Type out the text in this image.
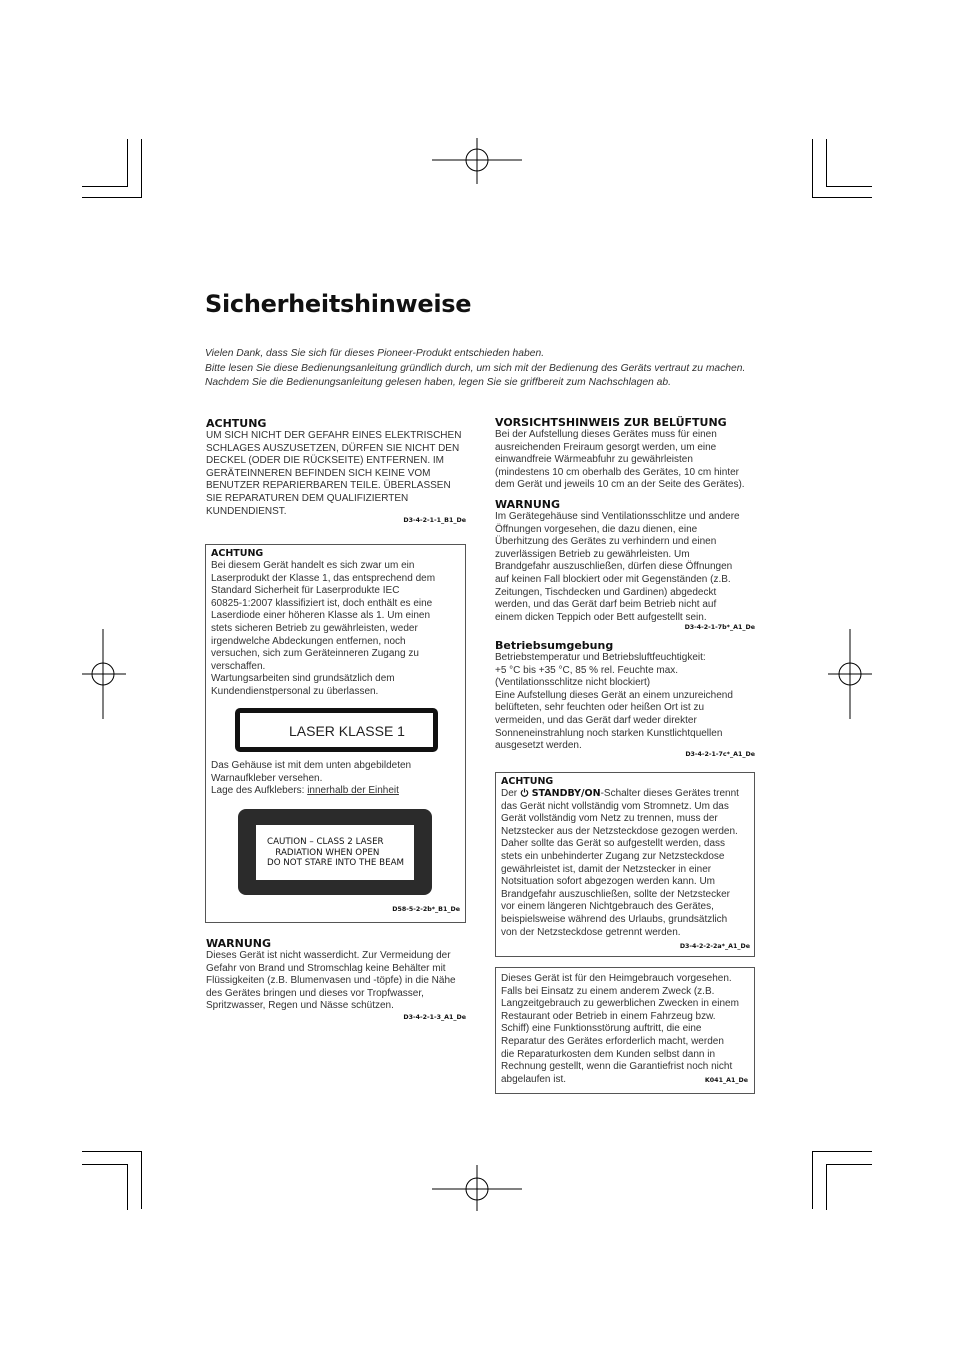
Sicherheitshinweise

Vielen Dank, dass Sie sich für dieses Pioneer-Produkt entschieden haben.

Bitte lesen Sie diese Bedienungsanleitung gründlich durch, um sich mit der Bedienung des Geräts vertraut zu machen.

Nachdem Sie die Bedienungsanleitung gelesen haben, legen Sie sie griffbereit zum Nachschlagen ab.

ACHTUNG

UM SICH NICHT DER GEFAHR EINES ELEKTRISCHEN

SCHLAGES AUSZUSETZEN, DÜRFEN SIE NICHT DEN

DECKEL (ODER DIE RÜCKSEITE) ENTFERNEN. IM

GERÄTEINNEREN BEFINDEN SICH KEINE VOM

BENUTZER REPARIERBAREN TEILE. ÜBERLASSEN

SIE REPARATUREN DEM QUALIFIZIERTEN

KUNDENDIENST.

D3-4-2-1-1_B1_De

ACHTUNG

Bei diesem Gerät handelt es sich zwar um ein

Laserprodukt der Klasse 1, das entsprechend dem

Standard Sicherheit für Laserprodukte IEC

60825-1:2007 klassifiziert ist, doch enthält es eine

Laserdiode einer höheren Klasse als 1. Um einen

stets sicheren Betrieb zu gewährleisten, weder

irgendwelche Abdeckungen entfernen, noch

versuchen, sich zum Geräteinneren Zugang zu

verschaffen.

Wartungsarbeiten sind grundsätzlich dem

Kundendienstpersonal zu überlassen.

LASER KLASSE 1

Das Gehäuse ist mit dem unten abgebildeten

Warnaufkleber versehen.

Lage des Aufklebers: innerhalb der Einheit

CAUTION – CLASS 2 LASER
RADIATION WHEN OPEN
DO NOT STARE INTO THE BEAM

D58-5-2-2b*_B1_De

WARNUNG

Dieses Gerät ist nicht wasserdicht. Zur Vermeidung der

Gefahr von Brand und Stromschlag keine Behälter mit

Flüssigkeiten (z.B. Blumenvasen und -töpfe) in die Nähe

des Gerätes bringen und dieses vor Tropfwasser,

Spritzwasser, Regen und Nässe schützen.

D3-4-2-1-3_A1_De

VORSICHTSHINWEIS ZUR BELÜFTUNG

Bei der Aufstellung dieses Gerätes muss für einen

ausreichenden Freiraum gesorgt werden, um eine

einwandfreie Wärmeabfuhr zu gewährleisten

(mindestens 10 cm oberhalb des Gerätes, 10 cm hinter

dem Gerät und jeweils 10 cm an der Seite des Gerätes).

WARNUNG

Im Gerätegehäuse sind Ventilationsschlitze und andere

Öffnungen vorgesehen, die dazu dienen, eine

Überhitzung des Gerätes zu verhindern und einen

zuverlässigen Betrieb zu gewährleisten. Um

Brandgefahr auszuschließen, dürfen diese Öffnungen

auf keinen Fall blockiert oder mit Gegenständen (z.B.

Zeitungen, Tischdecken und Gardinen) abgedeckt

werden, und das Gerät darf beim Betrieb nicht auf

einem dicken Teppich oder Bett aufgestellt sein.

D3-4-2-1-7b*_A1_De

Betriebsumgebung

Betriebstemperatur und Betriebsluftfeuchtigkeit:

+5 °C bis +35 °C, 85 % rel. Feuchte max.

(Ventilationsschlitze nicht blockiert)

Eine Aufstellung dieses Gerät an einem unzureichend

belüfteten, sehr feuchten oder heißen Ort ist zu

vermeiden, und das Gerät darf weder direkter

Sonneneinstrahlung noch starken Kunstlichtquellen

ausgesetzt werden.

D3-4-2-1-7c*_A1_De

ACHTUNG

Der  STANDBY/ON-Schalter dieses Gerätes trennt

das Gerät nicht vollständig vom Stromnetz. Um das

Gerät vollständig vom Netz zu trennen, muss der

Netzstecker aus der Netzsteckdose gezogen werden.

Daher sollte das Gerät so aufgestellt werden, dass

stets ein unbehinderter Zugang zur Netzsteckdose

gewährleistet ist, damit der Netzstecker in einer

Notsituation sofort abgezogen werden kann. Um

Brandgefahr auszuschließen, sollte der Netzstecker

vor einem längeren Nichtgebrauch des Gerätes,

beispielsweise während des Urlaubs, grundsätzlich

von der Netzsteckdose getrennt werden.

D3-4-2-2-2a*_A1_De

Dieses Gerät ist für den Heimgebrauch vorgesehen.

Falls bei Einsatz zu einem anderem Zweck (z.B.

Langzeitgebrauch zu gewerblichen Zwecken in einem

Restaurant oder Betrieb in einem Fahrzeug bzw.

Schiff) eine Funktionsstörung auftritt, die eine

Reparatur des Gerätes erforderlich macht, werden

die Reparaturkosten dem Kunden selbst dann in

Rechnung gestellt, wenn die Garantiefrist noch nicht

abgelaufen ist.	K041_A1_De
